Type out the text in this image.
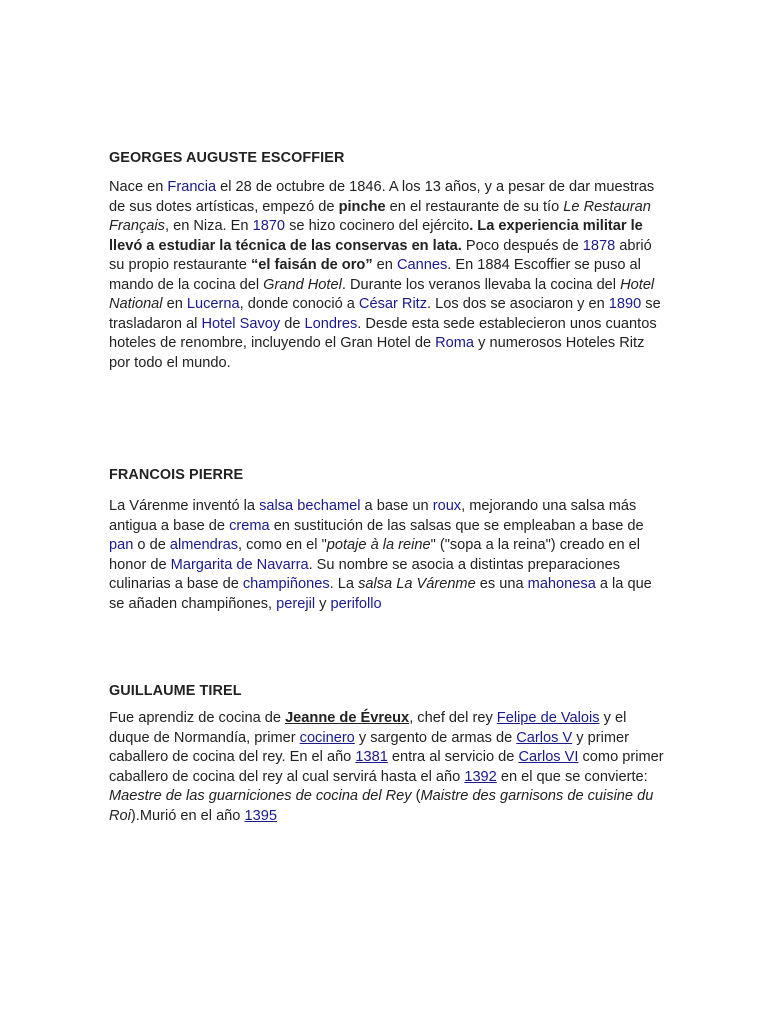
GEORGES AUGUSTE ESCOFFIER

Nace en Francia el 28 de octubre de 1846. A los 13 años, y a pesar de dar muestras de sus dotes artísticas, empezó de pinche en el restaurante de su tío Le Restauran Français, en Niza. En 1870 se hizo cocinero del ejército. La experiencia militar le llevó a estudiar la técnica de las conservas en lata. Poco después de 1878 abrió su propio restaurante “el faisán de oro” en Cannes. En 1884 Escoffier se puso al mando de la cocina del Grand Hotel. Durante los veranos llevaba la cocina del Hotel National en Lucerna, donde conoció a César Ritz. Los dos se asociaron y en 1890 se trasladaron al Hotel Savoy de Londres. Desde esta sede establecieron unos cuantos hoteles de renombre, incluyendo el Gran Hotel de Roma y numerosos Hoteles Ritz por todo el mundo.

FRANCOIS PIERRE

La Várenme inventó la salsa bechamel a base un roux, mejorando una salsa más antigua a base de crema en sustitución de las salsas que se empleaban a base de pan o de almendras, como en el "potaje à la reine" ("sopa a la reina") creado en el honor de Margarita de Navarra. Su nombre se asocia a distintas preparaciones culinarias a base de champiñones. La salsa La Várenme es una mahonesa a la que se añaden champiñones, perejil y perifollo

GUILLAUME TIREL

Fue aprendiz de cocina de Jeanne de Évreux, chef del rey Felipe de Valois y el duque de Normandía, primer cocinero y sargento de armas de Carlos V y primer caballero de cocina del rey. En el año 1381 entra al servicio de Carlos VI como primer caballero de cocina del rey al cual servirá hasta el año 1392 en el que se convierte: Maestre de las guarniciones de cocina del Rey (Maistre des garnisons de cuisine du Roi).Murió en el año 1395
